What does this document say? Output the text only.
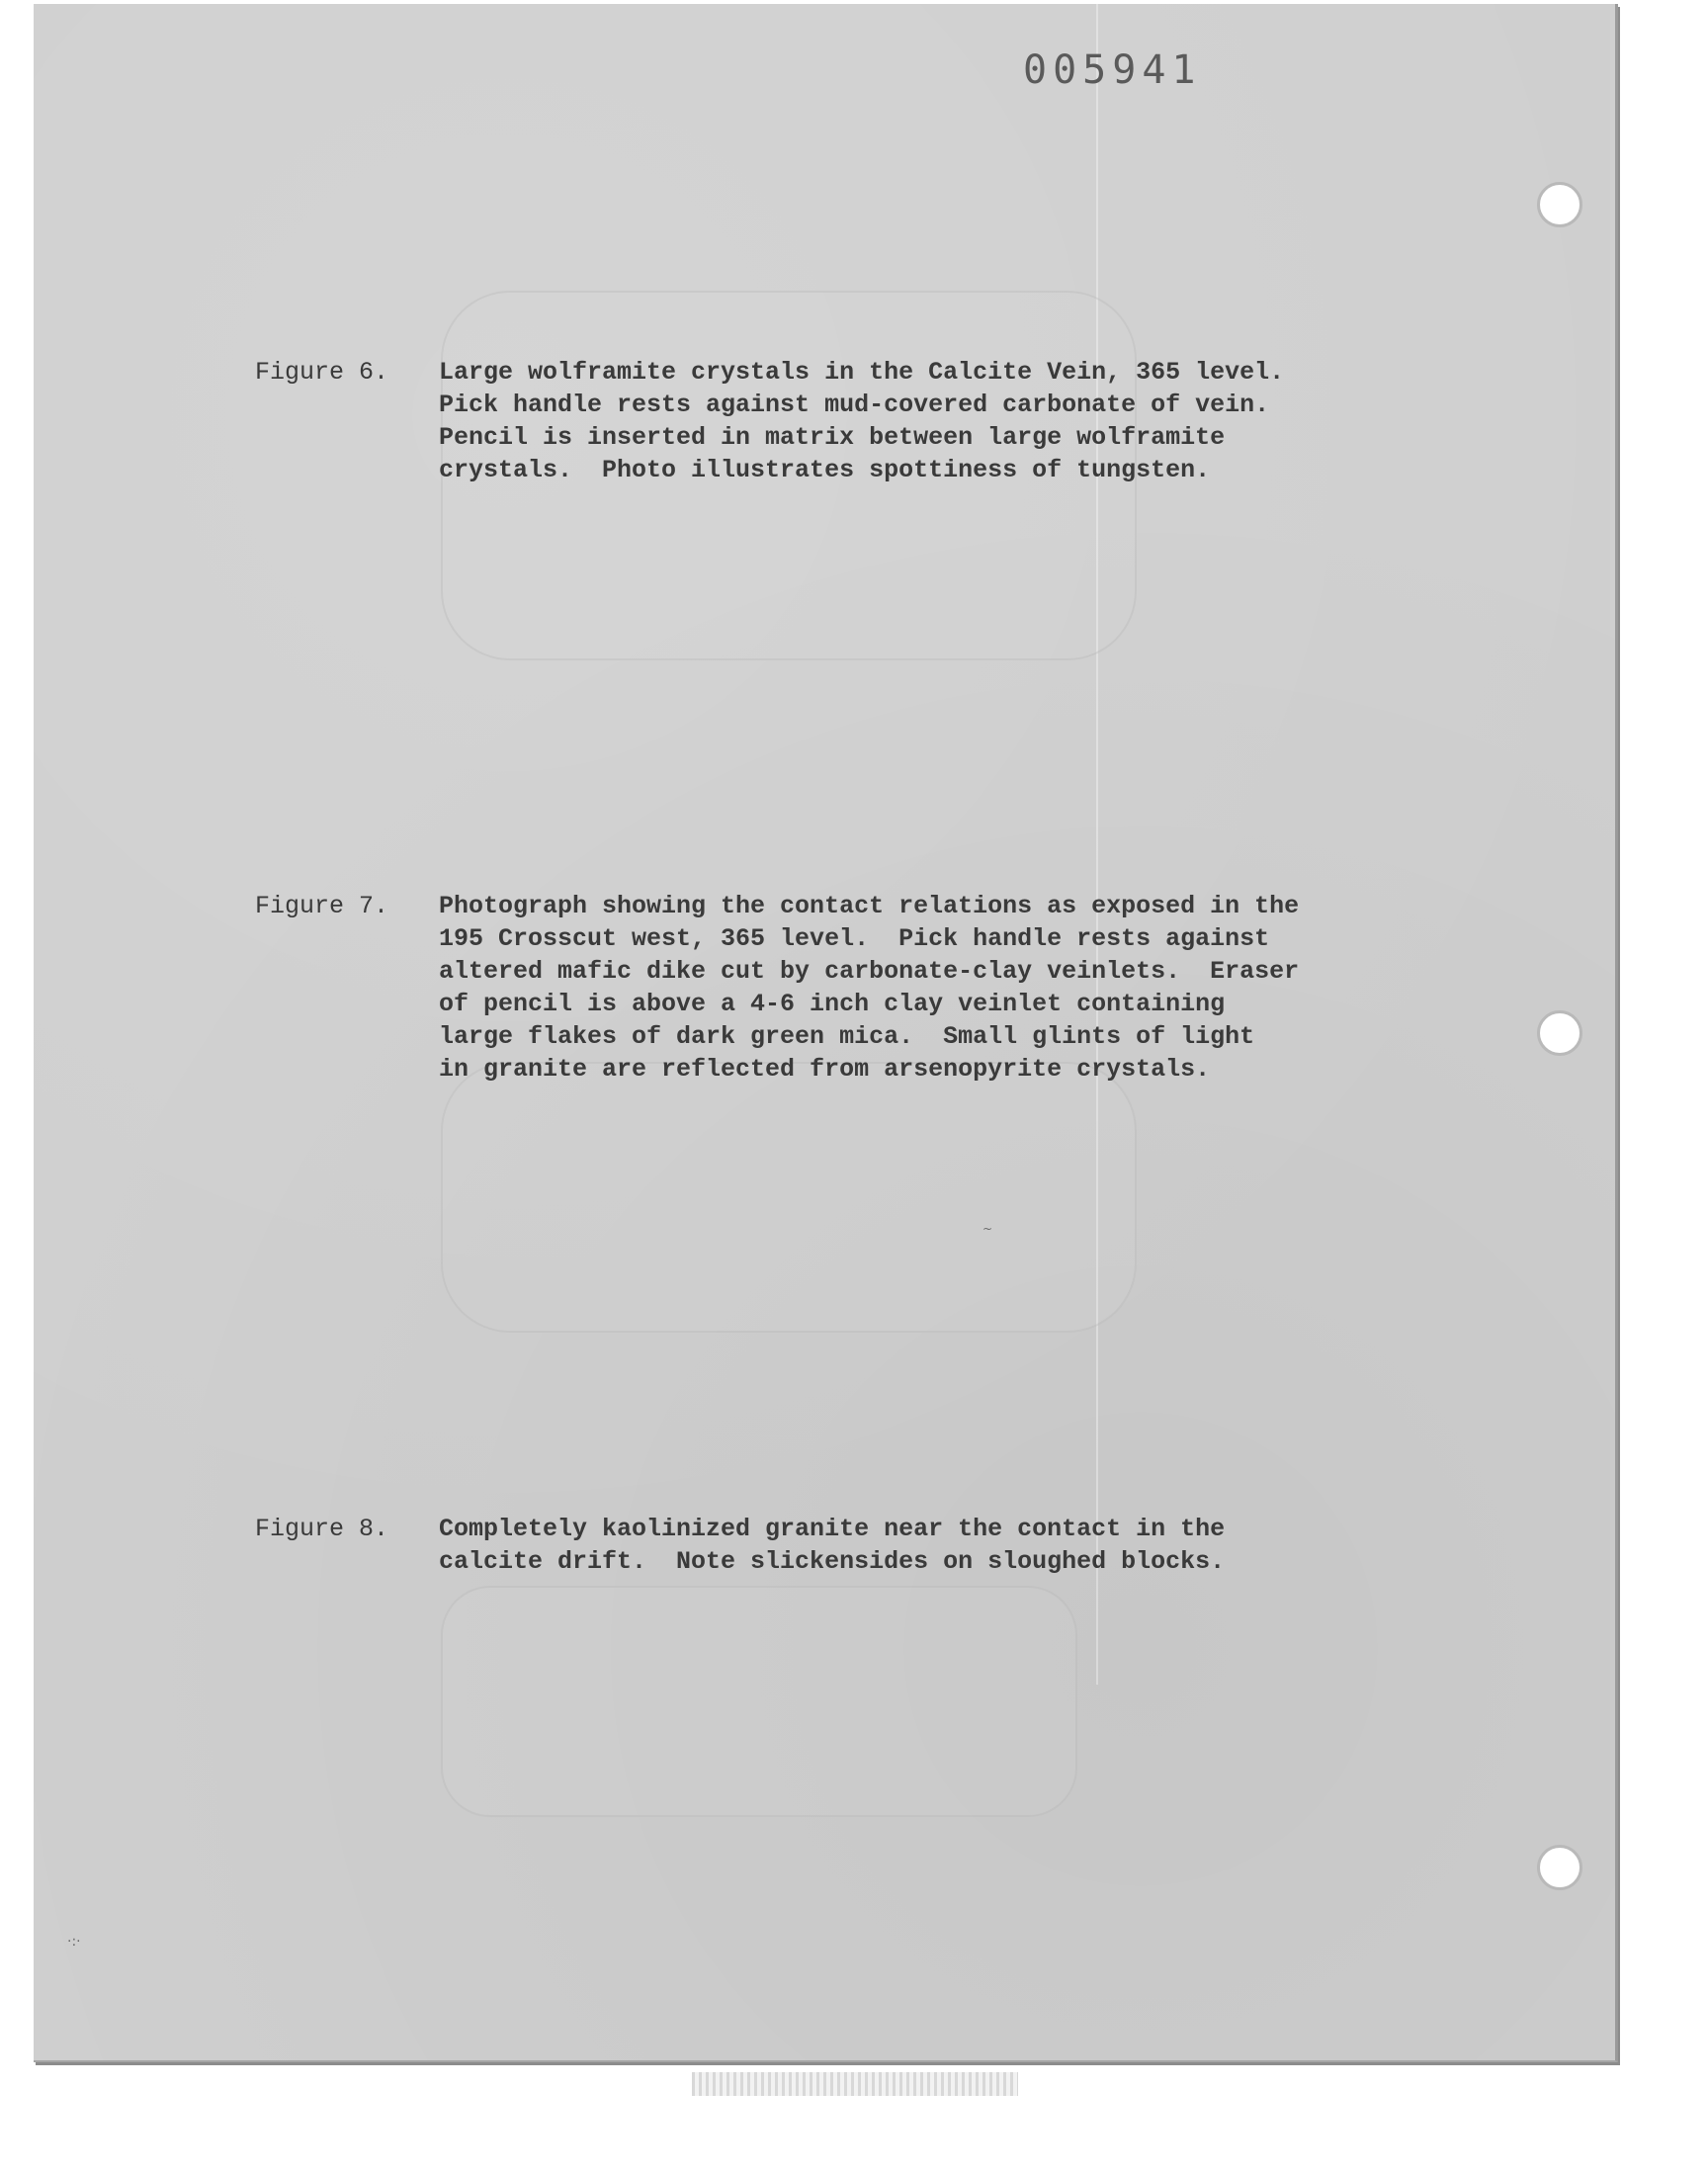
·:·
~
005941
Figure 6.	Large wolframite crystals in the Calcite Vein, 365 level.
Pick handle rests against mud-covered carbonate of vein.
Pencil is inserted in matrix between large wolframite
crystals.  Photo illustrates spottiness of tungsten.
Figure 7.	Photograph showing the contact relations as exposed in the
195 Crosscut west, 365 level.  Pick handle rests against
altered mafic dike cut by carbonate-clay veinlets.  Eraser
of pencil is above a 4-6 inch clay veinlet containing
large flakes of dark green mica.  Small glints of light
in granite are reflected from arsenopyrite crystals.
Figure 8.	Completely kaolinized granite near the contact in the
calcite drift.  Note slickensides on sloughed blocks.
